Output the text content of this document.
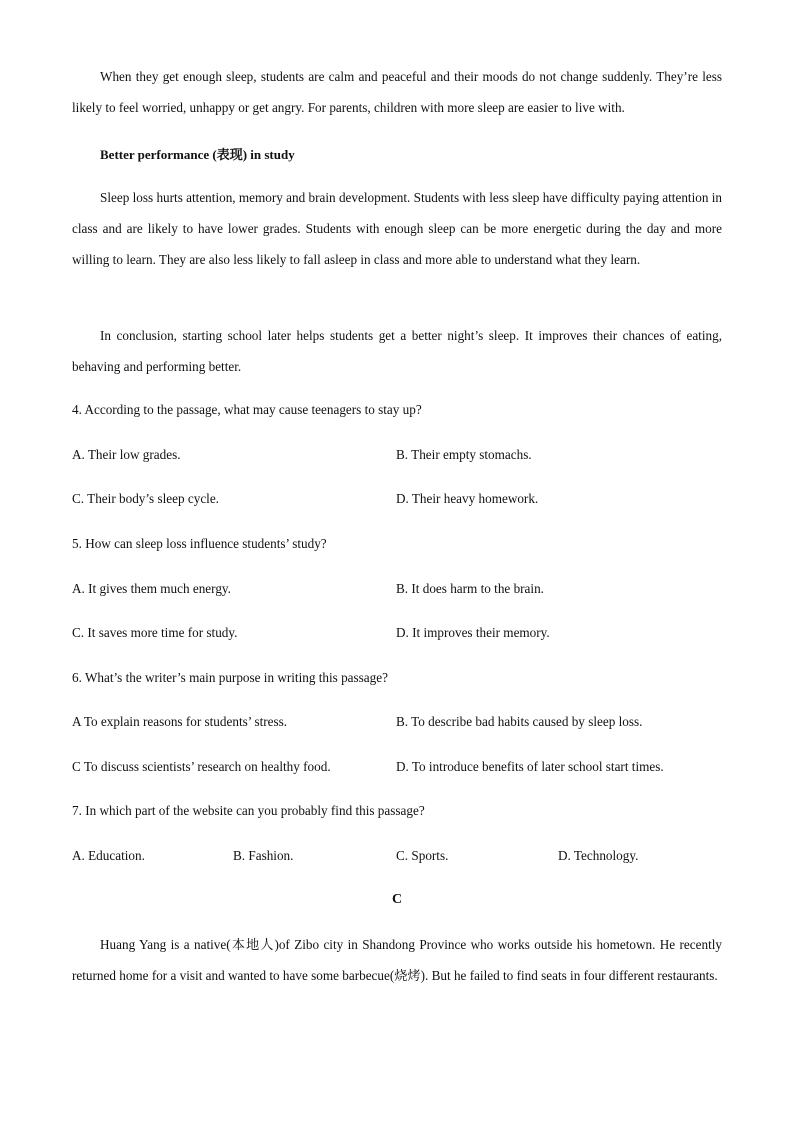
When they get enough sleep, students are calm and peaceful and their moods do not change suddenly. They’re less likely to feel worried, unhappy or get angry. For parents, children with more sleep are easier to live with.

Better performance (表现) in study

Sleep loss hurts attention, memory and brain development. Students with less sleep have difficulty paying attention in class and are likely to have lower grades. Students with enough sleep can be more energetic during the day and more willing to learn. They are also less likely to fall asleep in class and more able to understand what they learn.

In conclusion, starting school later helps students get a better night’s sleep. It improves their chances of eating, behaving and performing better.

4. According to the passage, what may cause teenagers to stay up?

A. Their low grades.	B. Their empty stomachs.

C. Their body’s sleep cycle.	D. Their heavy homework.

5. How can sleep loss influence students’ study?

A. It gives them much energy.	B. It does harm to the brain.

C. It saves more time for study.	D. It improves their memory.

6. What’s the writer’s main purpose in writing this passage?

A To explain reasons for students’ stress.	B. To describe bad habits caused by sleep loss.

C To discuss scientists’ research on healthy food.	D. To introduce benefits of later school start times.

7. In which part of the website can you probably find this passage?

A. Education.	B. Fashion.	C. Sports.	D. Technology.

C

Huang Yang is a native(本地人)of Zibo city in Shandong Province who works outside his hometown. He recently returned home for a visit and wanted to have some barbecue(烧烤). But he failed to find seats in four different restaurants.
